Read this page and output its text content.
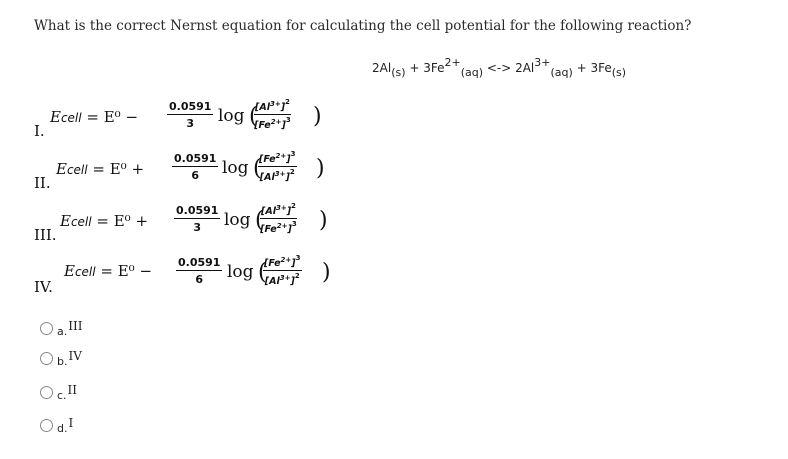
What is the correct Nernst equation for calculating the cell potential for the following reaction?
$2Al_{(s)} + 3Fe^{2+}_{(aq)}$ <-> $2Al^{3+}_{(aq)} + 3Fe_{(s)}$
I.
Ecell = E⁰ −	$\frac{0.0591}{3}$ log (
$\frac{[Al^{3+}]^2}{[Fe^{2+}]^3}$ )
II.
Ecell = E⁰ +	$\frac{0.0591}{6}$ log (
$\frac{[Fe^{2+}]^3}{[Al^{3+}]^2}$ )
III.
Ecell = $E^0 + \frac{0.0591}{3}$ log (
$\frac{[Al^{3+}]^2}{[Fe^{2+}]^3}$ )
IV.
Ecell = $E^0 - \frac{0.0591}{6}$ log (
$\frac{[Fe^{2+}]^3}{[Al^{3+}]^2}$ )
a. III
b. IV
c. II
d. I
